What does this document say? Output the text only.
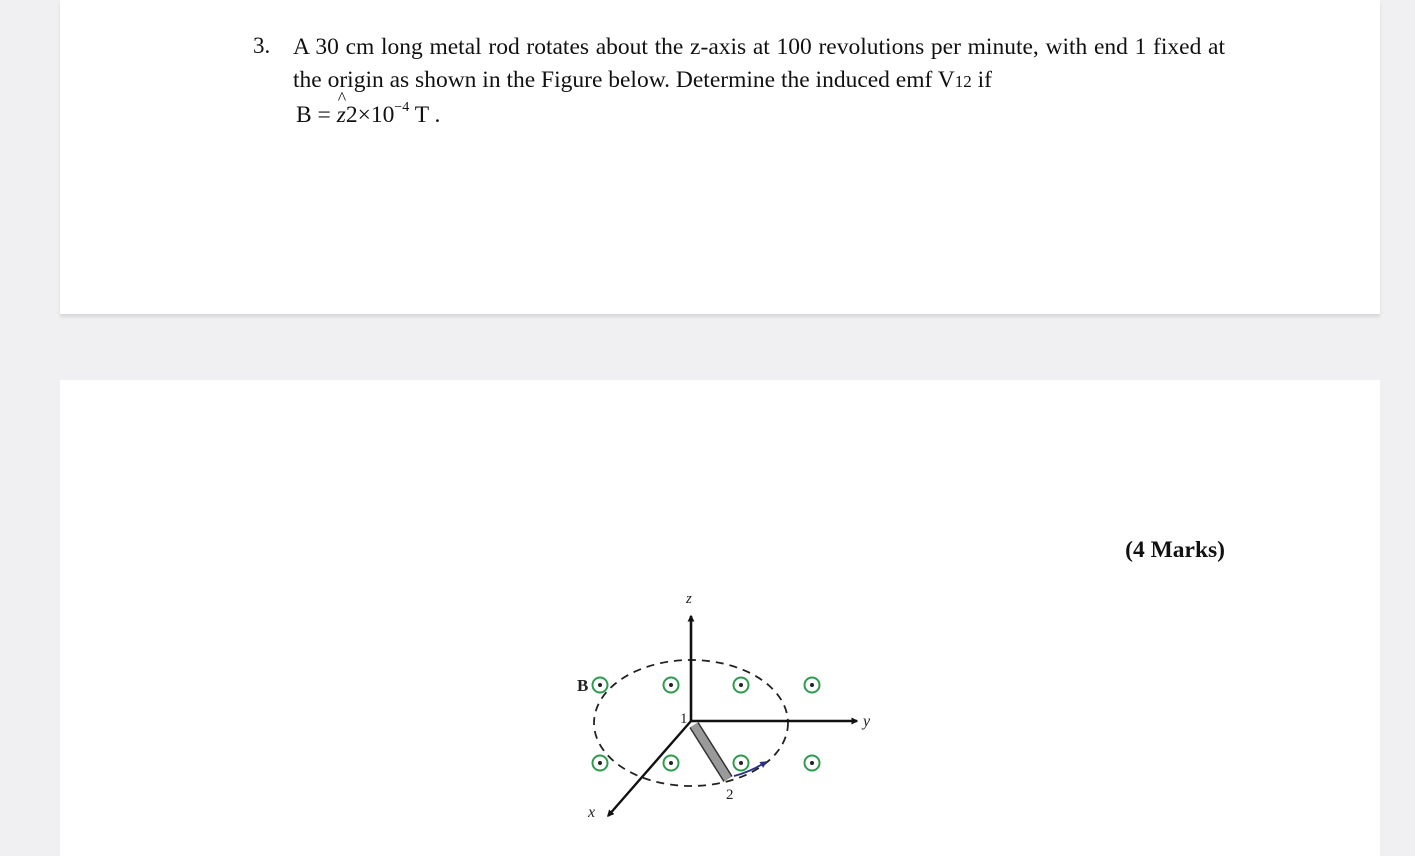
3. A 30 cm long metal rod rotates about the z-axis at 100 revolutions per minute, with end 1 fixed at the origin as shown in the Figure below. Determine the induced emf V12 if
B =
^
$z2\times 10^{-4}$ T .
(4 Marks)
z
y
x
B
1
2
